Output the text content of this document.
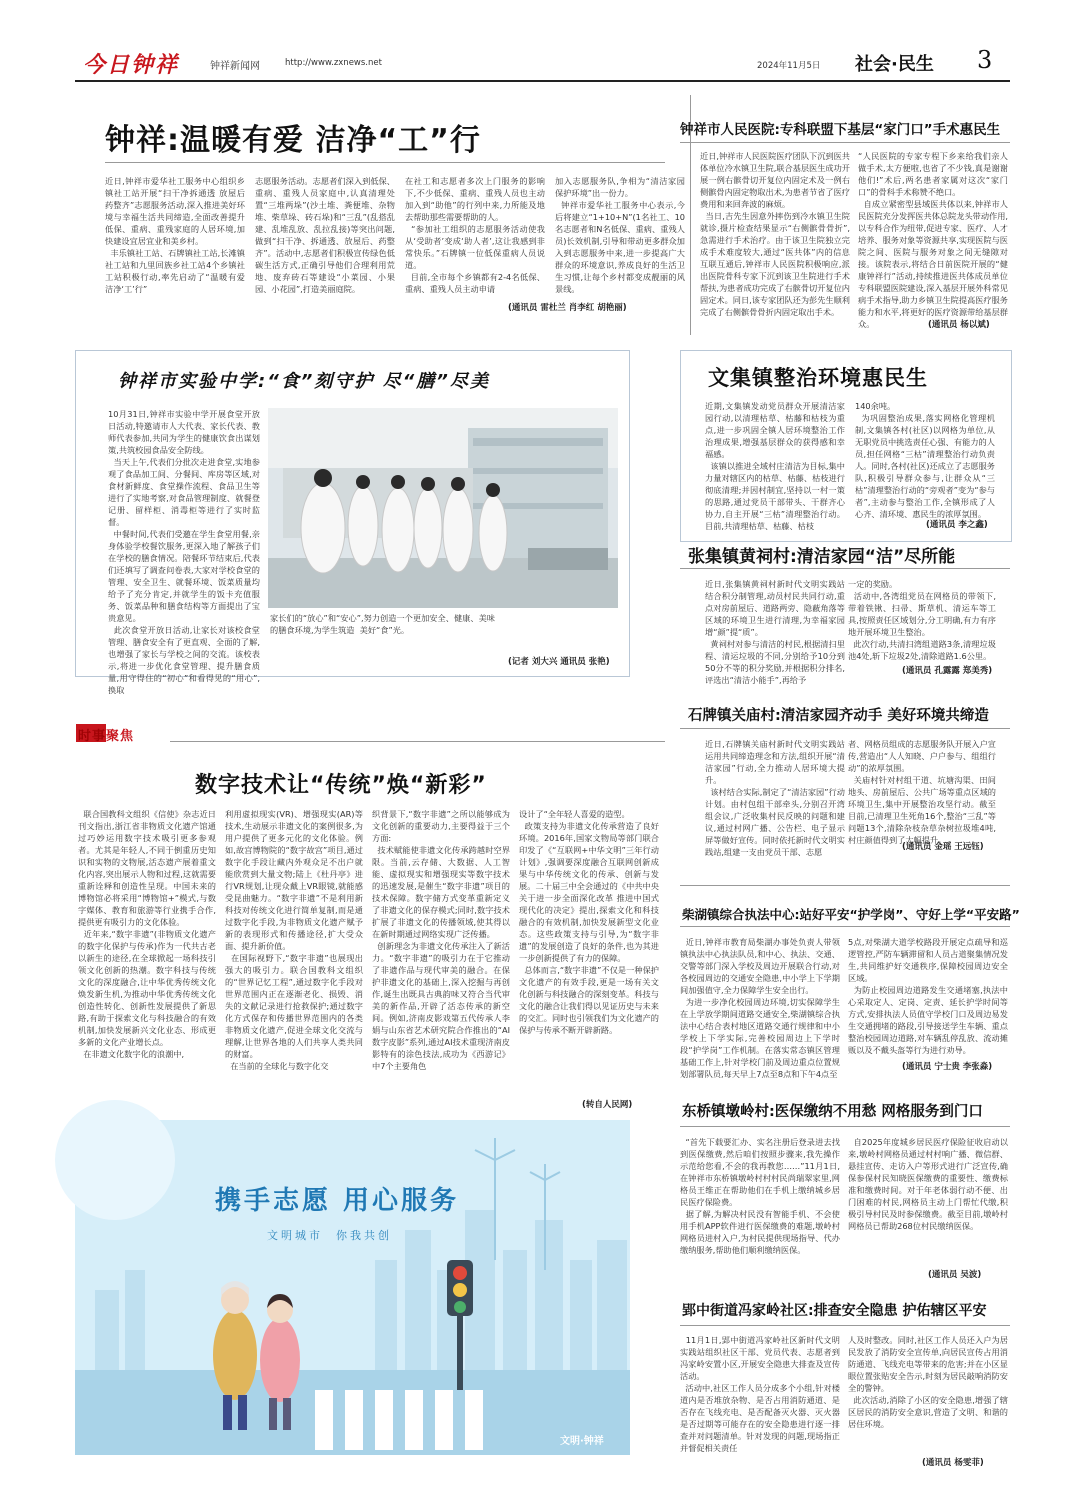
今日钟祥	钟祥新闻网	http://www.zxnews.net	2024年11月5日 社会·民生 3
钟祥:温暖有爱 洁净“工”行
近日,钟祥市爱华社工服务中心组织乡镇社工站开展“扫干净拆通透 放屋后 药整齐”志愿服务活动,深入推进美好环境与幸福生活共同缔造,全面改善提升低保、重病、重残家庭的人居环境,加快建设宜居宜业和美乡村。
丰乐镇社工站、石牌镇社工站,长滩镇社工站和九里回族乡社工站4个乡镇社工站积极行动,率先启动了“温暖有爱 洁净‘工’行”
志愿服务活动。志愿者们深入到低保、重病、重残人员家庭中,认真清理处置“三堆两垛”(沙土堆、粪便堆、杂物堆、柴草垛、砖石垛)和“三乱”(乱搭乱建、乱堆乱放、乱拉乱接)等突出问题,做到“扫干净、拆通透、放屋后、药整齐”。活动中,志愿者们积极宣传绿色低碳生活方式,正确引导他们合理利用荒地、废弃砖石等建设“小菜园、小果园、小花园”,打造美丽庭院。
在社工和志愿者多次上门服务的影响下,不少低保、重病、重残人员也主动加入到“助他”的行列中来,力所能及地去帮助那些需要帮助的人。
“参加社工组织的志愿服务活动使我从‘受助者’变成‘助人者’,这让我感到非常快乐。”石牌镇一位低保重病人员说道。
目前,全市每个乡镇都有2-4名低保、重病、重残人员主动申请
加入志愿服务队,争相为“清洁家园 保护环境”出一份力。
钟祥市爱华社工服务中心表示,今后将建立“1+10+N”(1名社工、10名志愿者和N名低保、重病、重残人员)长效机制,引导和带动更多群众加入到志愿服务中来,进一步提高广大群众的环境意识,养成良好的生活卫生习惯,让每个乡村都变成靓丽的风景线。
(通讯员 雷杜兰 肖李红 胡艳丽)
钟祥市人民医院:专科联盟下基层“家门口”手术惠民生
近日,钟祥市人民医院医疗团队下沉到医共体单位冷水镇卫生院,联合基层医生成功开展一例右髌骨切开复位内固定术及一例右侧髌骨内固定物取出术,为患者节省了医疗费用和来回奔波的麻烦。
当日,吉先生因意外摔伤到冷水镇卫生院就诊,摄片检查结果显示“右侧髌骨骨折”,急需进行手术治疗。由于该卫生院独立完成手术难度较大,通过“医共体”内的信息互联互通后,钟祥市人民医院积极响应,派出医院骨科专家下沉到该卫生院进行手术帮扶,为患者成功完成了右髌骨切开复位内固定术。同日,该专家团队还为彭先生顺利完成了右侧髌骨骨折内固定取出手术。
“人民医院的专家专程下乡来给我们亲人做手术,太方便啦,也省了不少钱,真是谢谢他们!”术后,两名患者家属对这次“家门口”的骨科手术称赞不绝口。
自成立紧密型县域医共体以来,钟祥市人民医院充分发挥医共体总院龙头带动作用,以专科合作为纽带,促进专家、医疗、人才培养、服务对象等资源共享,实现医院与医院之间、医院与服务对象之间无缝隙对接。该院表示,将结合日前医院开展的“健康钟祥行”活动,持续推进医共体成员单位专科联盟医院建设,深入基层开展外科常见病手术指导,助力乡镇卫生院提高医疗服务能力和水平,将更好的医疗资源带给基层群众。	(通讯员 杨以斌)
钟祥市实验中学:“食”刻守护 尽“膳”尽美
10月31日,钟祥市实验中学开展食堂开放日活动,特邀请市人大代表、家长代表、教师代表参加,共同为学生的健康饮食出谋划策,共筑校园食品安全防线。
当天上午,代表们分批次走进食堂,实地参观了食品加工间、分餐间、库房等区域,对食材新鲜度、食堂操作流程、食品卫生等进行了实地考察,对食品管理制度、就餐登记册、留样柜、消毒柜等进行了实时监督。
中餐时间,代表们受邀在学生食堂用餐,亲身体验学校餐饮服务,更深入地了解孩子们在学校的膳食情况。陪餐环节结束后,代表们还填写了调查问卷表,大家对学校食堂的管理、安全卫生、就餐环境、饭菜质量均给予了充分肯定,并就学生的饭卡充值服务、饭菜品种和膳食结构等方面提出了宝贵意见。
此次食堂开放日活动,让家长对该校食堂管理、膳食安全有了更直观、全面的了解,也增强了家长与学校之间的交流。该校表示,将进一步优化食堂管理、提升膳食质量,用守得住的“初心”和看得见的“用心”,换取
家长们的“放心”和“安心”,努力创造一个更加安全、健康、美味的膳食环境,为学生筑造  美好“食”光。
(记者 刘大兴 通讯员 张艳)
文集镇整治环境惠民生
近期,文集镇发动党员群众开展清洁家园行动,以清理枯草、枯藤和枯枝为重点,进一步巩固全镇人居环境整治工作治理成果,增强基层群众的获得感和幸福感。
该镇以推进全域村庄清洁为目标,集中力量对辖区内的枯草、枯藤、枯枝进行彻底清理;并因村制宜,坚持以一村一策的思路,通过党员干部带头、干群齐心协力,自主开展“三枯”清理整治行动。目前,共清理枯草、枯藤、枯枝
140余吨。
为巩固整治成果,落实网格化管理机制,文集镇各村(社区)以网格为单位,从无职党员中挑选责任心强、有能力的人员,担任网格“三枯”清理整治行动负责人。同时,各村(社区)还成立了志愿服务队,积极引导群众参与,让群众从“三枯”清理整治行动的“旁观者”变为“参与者”,主动参与整治工作,全镇形成了人心齐、清环境、惠民生的浓厚氛围。
(通讯员 李之鑫)
张集镇黄祠村:清洁家园“洁”尽所能
近日,张集镇黄祠村新时代文明实践站结合积分制管理,动员村民共同行动,重点对房前屋后、道路两旁、隐蔽角落等区域的环境卫生进行清理,为幸福家园增“颜”提“质”。
黄祠村对参与清洁的村民,根据清扫里程、清运垃圾的不同,分别给予10分到50分不等的积分奖励,并根据积分排名,评选出“清洁小能手”,再给予
一定的奖励。
活动中,各湾组党员在网格员的带领下,带着铁锹、扫帚、斯草机、清运车等工具,按照责任区域划分,分工明确,有力有序地开展环境卫生整治。
此次行动,共清扫湾组道路3条,清理垃圾池4处,斩下垃圾2处,清除道路1.6公里。
(通讯员 孔露露 郑美秀)
石牌镇关庙村:清洁家园齐动手 美好环境共缔造
近日,石牌镇关庙村新时代文明实践站运用共同缔造理念和方法,组织开展“清洁家园”行动,全力推动人居环境大提升。
该村结合实际,制定了“清洁家园”行动计划。由村包组干部牵头,分别召开湾组会议,广泛收集村民反映的问题和建议,通过村网广播、公告栏、电子显示屏等做好宣传。同时依托新时代文明实践站,组建一支由党员干部、志愿
者、网格员组成的志愿服务队开展入户宣传,营造出“人人知晓、户户参与、组组行动”的浓厚氛围。
关庙村针对村组干道、坑塘沟渠、田间地头、房前屋后、公共广场等重点区域的环境卫生,集中开展整治攻坚行动。截至目前,已清理卫生死角16个,整治“三乱”等问题13个,清除杂枝杂草杂树拉圾堆4吨,村庄颜值得到了大幅提升。
(通讯员 金瑶 王远钰)
时事聚焦
数字技术让“传统”焕“新彩”
联合国教科文组织《信使》杂志近日刊文指出,浙江省非物质文化遗产馆通过巧妙运用数字技术吸引更多参观者。尤其是年轻人,不同于倒重历史知识和实物的文物展,活态遗产展着重文化内容,突出展示人物和过程,这就需要重新诠释和创造性呈现。中国未来的博物馆必将采用“博物馆+”模式,与数字媒体、教育和旅游等行业携手合作,提供更有吸引力的文化体验。
近年来,“数字非遗”(非物质文化遗产的数字化保护与传承)作为一代共古老以新生的途径,在全球掀起一场科技引领文化创新的热潮。数字科技与传统文化的深度融合,让中华优秀传统文化焕发新生机,为推动中华优秀传统文化创造性转化、创新性发展提供了新思路,有助于探索文化与科技融合的有效机制,加快发展新兴文化业态、形成更多新的文化产业增长点。
在非遗文化数字化的浪潮中,
利用虚拟现实(VR)、增强现实(AR)等技术,生动展示非遗文化的案例很多,为用户提供了更多元化的文化体验。例如,故宫博物院的“数字故宫”项目,通过数字化手段让藏内外观众足不出户就能欣赏到大量文物;陆上《杜丹亭》进行VR规划,让现众戴上VR眼镜,就能感受昆曲魅力。“数字非遗”不是利用新科技对传统文化进行简单复制,而是通过数字化手段,为非物质文化遗产赋予新的表现形式和传播途径,扩大受众面、提升新价值。
在国际视野下,“数字非遗”也展现出强大的吸引力。联合国教科文组织的“世界记忆工程”,通过数字化手段对世界范围内正在逐渐老化、损毁、消失的文献记录进行抢救保护;通过数字化方式保存和传播世界范围内的各类非物质文化遗产,促进全球文化交流与理解,让世界各地的人们共享人类共同的财富。
在当前的全球化与数字化交
织背景下,“数字非遗”之所以能够成为文化创新的重要动力,主要得益于三个方面:
技术赋能使非遗文化传承跨越时空界限。当前,云存储、大数据、人工智能、虚拟现实和增强现实等数字技术的迅速发展,是催生“数字非遗”项目的技术保障。数字储方式变革重新定义了非遗文化的保存模式;同时,数字技术扩展了非遗文化的传播领域,使其得以在新时期通过网络实现广泛传播。
创新理念为非遗文化传承注入了新活力。“数字非遗”的吸引力在于它推动了非遗作品与现代审美的融合。在保护非遗文化的基础上,深入挖掘与再创作,诞生出既具古典韵味又符合当代审美的新作品,开辟了活态传承的新空间。例如,济南皮影戏第五代传承人李娟与山东省艺术研究院合作推出的“AI数字皮影”系列,通过AI技术重现济南皮影特有的涂色技法,成功为《西游记》中7个主要角色
设计了“全年轻人喜爱的造型。
政策支持为非遗文化传承营造了良好环境。2016年,国家文物局等部门联合印发了《“互联网+中华文明”三年行动计划》,强调要深度融合互联网创新成果与中华传统文化的传承、创新与发展。二十届三中全会通过的《中共中央关于进一步全面深化改革 推进中国式现代化的决定》提出,探索文化和科技融合的有效机制,加快发展新型文化业态。这些政策支持与引导,为“数字非遗”的发展创造了良好的条件,也为其进一步创新提供了有力的保障。
总体而言,“数字非遗”不仅是一种保护文化遗产的有效手段,更是一场有关文化创新与科技融合的深刻变革。科技与文化的融合让我们得以见证历史与未来的交汇。同时也引领我们为文化遗产的保护与传承不断开辟新路。
(转自人民网)
柴湖镇综合执法中心:站好平安“护学岗”、守好上学“平安路”
近日,钟祥市教育局柴湖办事处负责人带领镇执法中心执法队员,和中心、执法、交通、交警等部门深入学校及周边开展联合行动,对各校园周边的交通安全隐患,中小学上下学期间加强值守,全力保障学生安全出行。
为进一步净化校园周边环境,切实保障学生在上学放学期间道路交通安全,柴湖镇综合执法中心结合表村地区道路交通行规律和中小学校上下学实际,完善校园周边上下学时段“护学岗”工作机制。在落实常态镇区管理基础工作上,针对学校门前及周边重点位置规划部署队员,每天早上7点至8点和下午4点至
5点,对柴湖大道学校路段开展定点疏导和巡逻管控,严防车辆滞留和人员占道聚集情况发生,共同维护好交通秩序,保障校园周边安全区域。
为防止校园周边道路发生交通堵塞,执法中心采取定人、定岗、定责、延长护学时间等方式,安排执法人员值守学校门口及周边易发生交通拥堵的路段,引导接送学生车辆、重点整治校园周边道路,对车辆乱停乱放、流动摊贩以及不戴头盔等行为进行劝导。
(通讯员 宁士贵 李张淼)
携手志愿 用心服务
文明城市  你我共创
文明·钟祥
东桥镇墩岭村:医保缴纳不用愁 网格服务到门口
“首先下载要汇办、实名注册后登录进去找到医保缴费,然后咱们按照步骤来,我先操作示范给您看,不会的我再教您……”11月1日,在钟祥市东桥镇墩岭村村村民尚瑞翠家里,网格员王维正在帮助他们在手机上缴纳城乡居民医疗保险费。
据了解,为解决村民没有智能手机、不会使用手机APP软件进行医保缴费的难题,墩岭村网格员进村入户,为村民提供现场指导、代办缴纳服务,帮助他们顺利缴纳医保。
自2025年度城乡居民医疗保险征收启动以来,墩岭村网格员通过村村响广播、微信群、悬挂宣传、走访入户等形式进行广泛宣传,确保参保村民知晓医保缴费的重要性、缴费标准和缴费时间。对于年老体弱行动不便、出门困难的村民,网格员主动上门帮忙代缴,积极引导村民及时参保缴费。截至目前,墩岭村网格员已帮助268位村民缴纳医保。
(通讯员 吴波)
郢中街道冯家岭社区:排查安全隐患 护佑辖区平安
11月1日,郢中街道冯家岭社区新时代文明实践站组织社区干部、党员代表、志愿者到冯家岭安置小区,开展安全隐患大排查及宣传活动。
活动中,社区工作人员分成多个小组,针对楼道内是否堆放杂物、是否占用消防通道、是否存在飞线充电、是否配备灭火器、灭火器是否过期等可能存在的安全隐患进行逐一排查并对问题清单。针对发现的问题,现场指正并督促相关责任
人及时整改。同时,社区工作人员还入户为居民发放了消防安全宣传单,向居民宣传占用消防通道、飞线充电等带来的危害;并在小区显眼位置张贴安全告示,时刻为居民敲响消防安全的警钟。
此次活动,消除了小区的安全隐患,增强了辖区居民的消防安全意识,营造了文明、和谐的居住环境。
(通讯员 杨雯菲)
